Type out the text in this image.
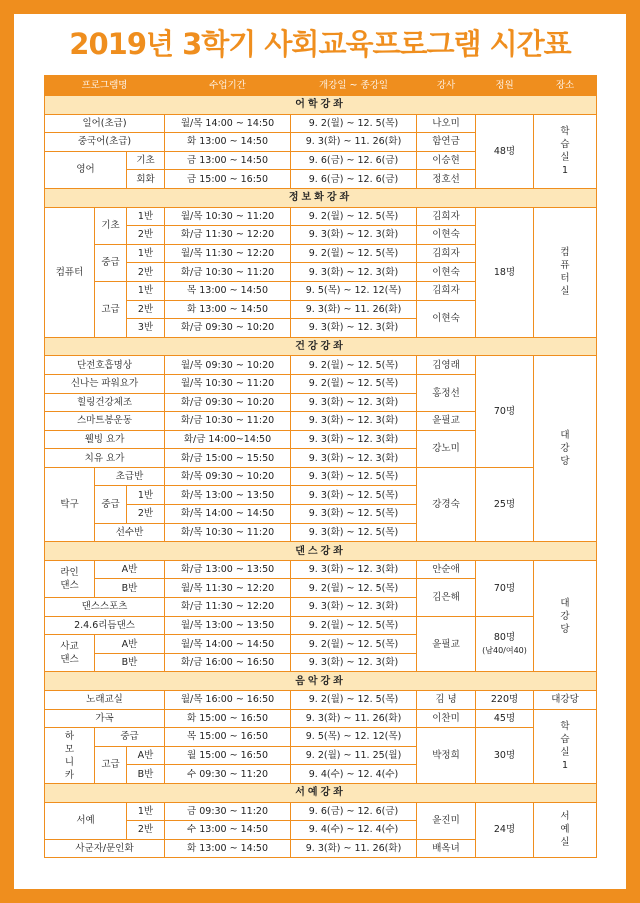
2019년 3학기 사회교육프로그램 시간표
프로그램명			수업기간	개강일 ~ 종강일	강사	정원	장소
어학강좌							
일어(초급)			월/목 14:00 ~ 14:50	9. 2(월) ~ 12. 5(목)	나오미	48명	학습실1

중국어(초급)			화 13:00 ~ 14:50	9. 3(화) ~ 11. 26(화)	함연금		
영어		기초	금 13:00 ~ 14:50	9. 6(금) ~ 12. 6(금)	이승현		
		회화	금 15:00 ~ 16:50	9. 6(금) ~ 12. 6(금)	정호선		
정보화강좌							
컴퓨터	기초	1반	월/목 10:30 ~ 11:20	9. 2(월) ~ 12. 5(목)	김희자	18명	컴퓨터실

		2반	화/금 11:30 ~ 12:20	9. 3(화) ~ 12. 3(화)	이현숙		
	중급	1반	월/목 11:30 ~ 12:20	9. 2(월) ~ 12. 5(목)	김희자		
		2반	화/금 10:30 ~ 11:20	9. 3(화) ~ 12. 3(화)	이현숙		
	고급	1반	목 13:00 ~ 14:50	9. 5(목) ~ 12. 12(목)	김희자		
		2반	화 13:00 ~ 14:50	9. 3(화) ~ 11. 26(화)	이현숙		
		3반	화/금 09:30 ~ 10:20	9. 3(화) ~ 12. 3(화)			
건강강좌							
단전호흡명상			월/목 09:30 ~ 10:20	9. 2(월) ~ 12. 5(목)	김영래	70명	대강당

신나는 파워요가			월/목 10:30 ~ 11:20	9. 2(월) ~ 12. 5(목)	홍정선		
힐링건강체조			화/금 09:30 ~ 10:20	9. 3(화) ~ 12. 3(화)			
스마트봉운동			화/금 10:30 ~ 11:20	9. 3(화) ~ 12. 3(화)	윤필교		
웰빙 요가			화/금 14:00~14:50	9. 3(화) ~ 12. 3(화)	강노미		
치유 요가			화/금 15:00 ~ 15:50	9. 3(화) ~ 12. 3(화)			
탁구	초급반		화/목 09:30 ~ 10:20	9. 3(화) ~ 12. 5(목)	강경숙	25명	
	중급	1반	화/목 13:00 ~ 13:50	9. 3(화) ~ 12. 5(목)			
		2반	화/목 14:00 ~ 14:50	9. 3(화) ~ 12. 5(목)			
	선수반		화/목 10:30 ~ 11:20	9. 3(화) ~ 12. 5(목)			
댄스강좌							

라인 댄스	A반		화/금 13:00 ~ 13:50	9. 3(화) ~ 12. 3(화)	안순애	70명	대강당

	B반		월/목 11:30 ~ 12:20	9. 2(월) ~ 12. 5(목)	김은해		
댄스스포츠			화/금 11:30 ~ 12:20	9. 3(화) ~ 12. 3(화)			
2.4.6리듬댄스			월/목 13:00 ~ 13:50	9. 2(월) ~ 12. 5(목)	윤필교	80명
(남40/여40)	

사교 댄스	A반		월/목 14:00 ~ 14:50	9. 2(월) ~ 12. 5(목)			
	B반		화/금 16:00 ~ 16:50	9. 3(화) ~ 12. 3(화)			
음악강좌							
노래교실			월/목 16:00 ~ 16:50	9. 2(월) ~ 12. 5(목)	김 녕	220명	대강당
가곡			화 15:00 ~ 16:50	9. 3(화) ~ 11. 26(화)	이찬미	45명	학습실1

하모니카	중급		목 15:00 ~ 16:50	9. 5(목) ~ 12. 12(목)	박정희	30명	
	고급	A반	월 15:00 ~ 16:50	9. 2(월) ~ 11. 25(월)			
		B반	수 09:30 ~ 11:20	9. 4(수) ~ 12. 4(수)			
서예강좌							
서예		1반	금 09:30 ~ 11:20	9. 6(금) ~ 12. 6(금)	윤진미	24명	서예실

		2반	수 13:00 ~ 14:50	9. 4(수) ~ 12. 4(수)			
사군자/문인화			화 13:00 ~ 14:50	9. 3(화) ~ 11. 26(화)	배옥녀		
